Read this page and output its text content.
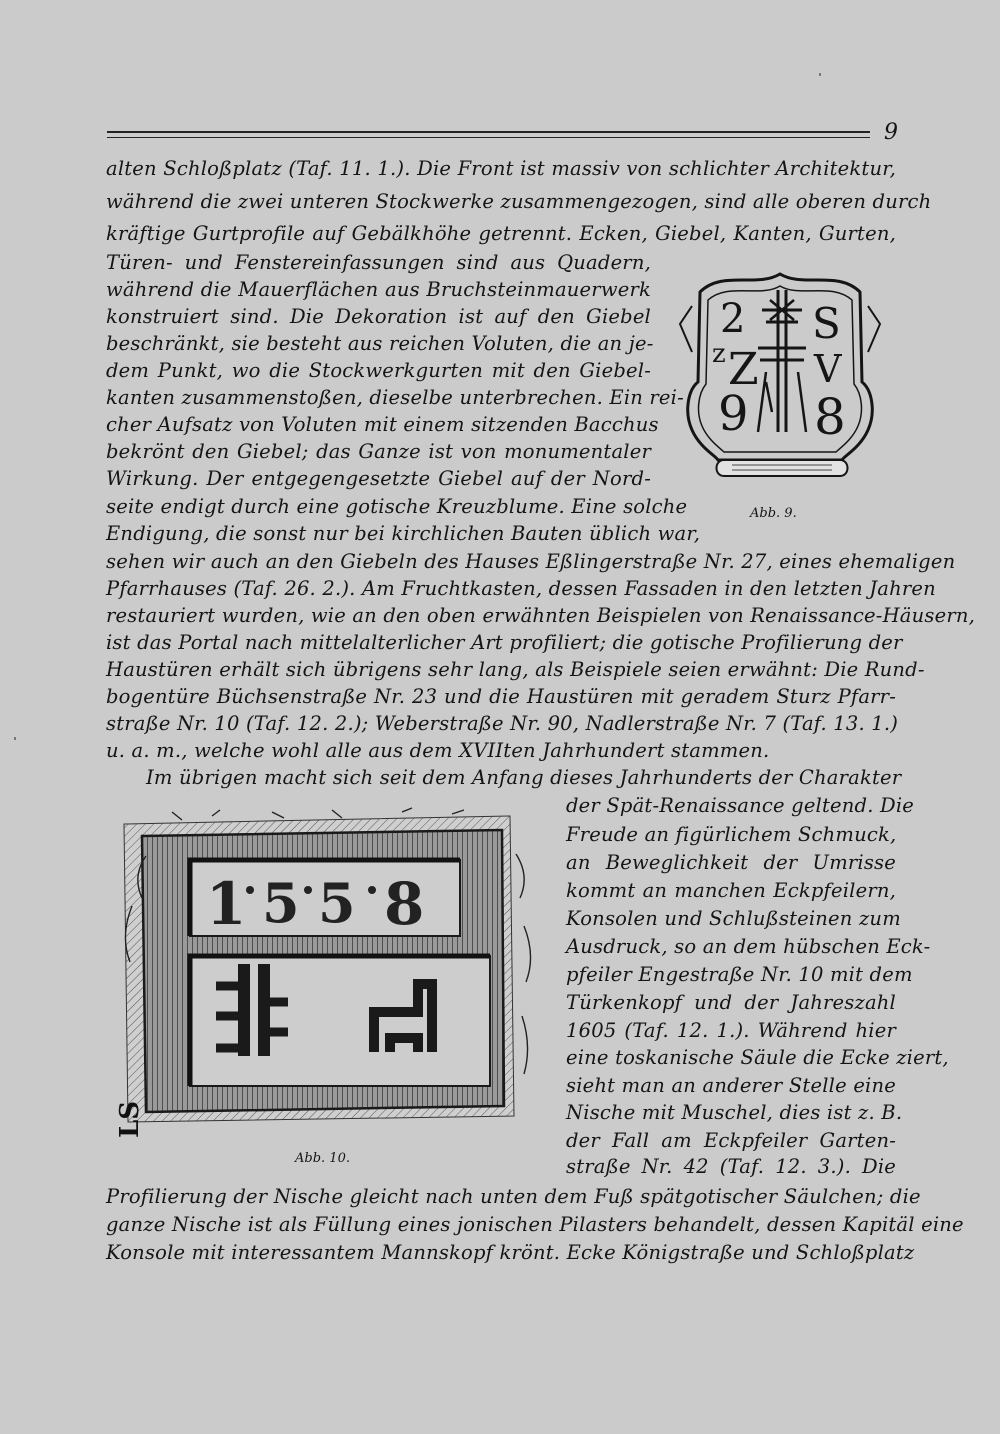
9
alten Schloßplatz (Taf. 11. 1.). Die Front ist massiv von schlichter Architektur,
während die zwei unteren Stockwerke zusammengezogen, sind alle oberen durch
kräftige Gurtprofile auf Gebälkhöhe getrennt. Ecken, Giebel, Kanten, Gurten,
Türen- und Fenstereinfassungen sind aus Quadern,
während die Mauerflächen aus Bruchsteinmauerwerk
konstruiert sind. Die Dekoration ist auf den Giebel
beschränkt, sie besteht aus reichen Voluten, die an je-
dem Punkt, wo die Stockwerkgurten mit den Giebel-
kanten zusammenstoßen, dieselbe unterbrechen. Ein rei-
cher Aufsatz von Voluten mit einem sitzenden Bacchus
bekrönt den Giebel; das Ganze ist von monumentaler
Wirkung. Der entgegengesetzte Giebel auf der Nord-
seite endigt durch eine gotische Kreuzblume. Eine solche
Endigung, die sonst nur bei kirchlichen Bauten üblich war,
2
z Z
9
S
V
8
Abb. 9.
sehen wir auch an den Giebeln des Hauses Eßlingerstraße Nr. 27, eines ehemaligen
Pfarrhauses (Taf. 26. 2.). Am Fruchtkasten, dessen Fassaden in den letzten Jahren
restauriert wurden, wie an den oben erwähnten Beispielen von Renaissance-Häusern,
ist das Portal nach mittelalterlicher Art profiliert; die gotische Profilierung der
Haustüren erhält sich übrigens sehr lang, als Beispiele seien erwähnt: Die Rund-
bogentüre Büchsenstraße Nr. 23 und die Haustüren mit geradem Sturz Pfarr-
straße Nr. 10 (Taf. 12. 2.); Weberstraße Nr. 90, Nadlerstraße Nr. 7 (Taf. 13. 1.)
u. a. m., welche wohl alle aus dem XVIIten Jahrhundert stammen.
Im übrigen macht sich seit dem Anfang dieses Jahrhunderts der Charakter
1 5 5 8
LS
Abb. 10.
der Spät-Renaissance geltend. Die
Freude an figürlichem Schmuck,
an Beweglichkeit der Umrisse
kommt an manchen Eckpfeilern,
Konsolen und Schlußsteinen zum
Ausdruck, so an dem hübschen Eck-
pfeiler Engestraße Nr. 10 mit dem
Türkenkopf und der Jahreszahl
1605 (Taf. 12. 1.). Während hier
eine toskanische Säule die Ecke ziert,
sieht man an anderer Stelle eine
Nische mit Muschel, dies ist z. B.
der Fall am Eckpfeiler Garten-
straße Nr. 42 (Taf. 12. 3.). Die
Profilierung der Nische gleicht nach unten dem Fuß spätgotischer Säulchen; die
ganze Nische ist als Füllung eines jonischen Pilasters behandelt, dessen Kapitäl eine
Konsole mit interessantem Mannskopf krönt. Ecke Königstraße und Schloßplatz
